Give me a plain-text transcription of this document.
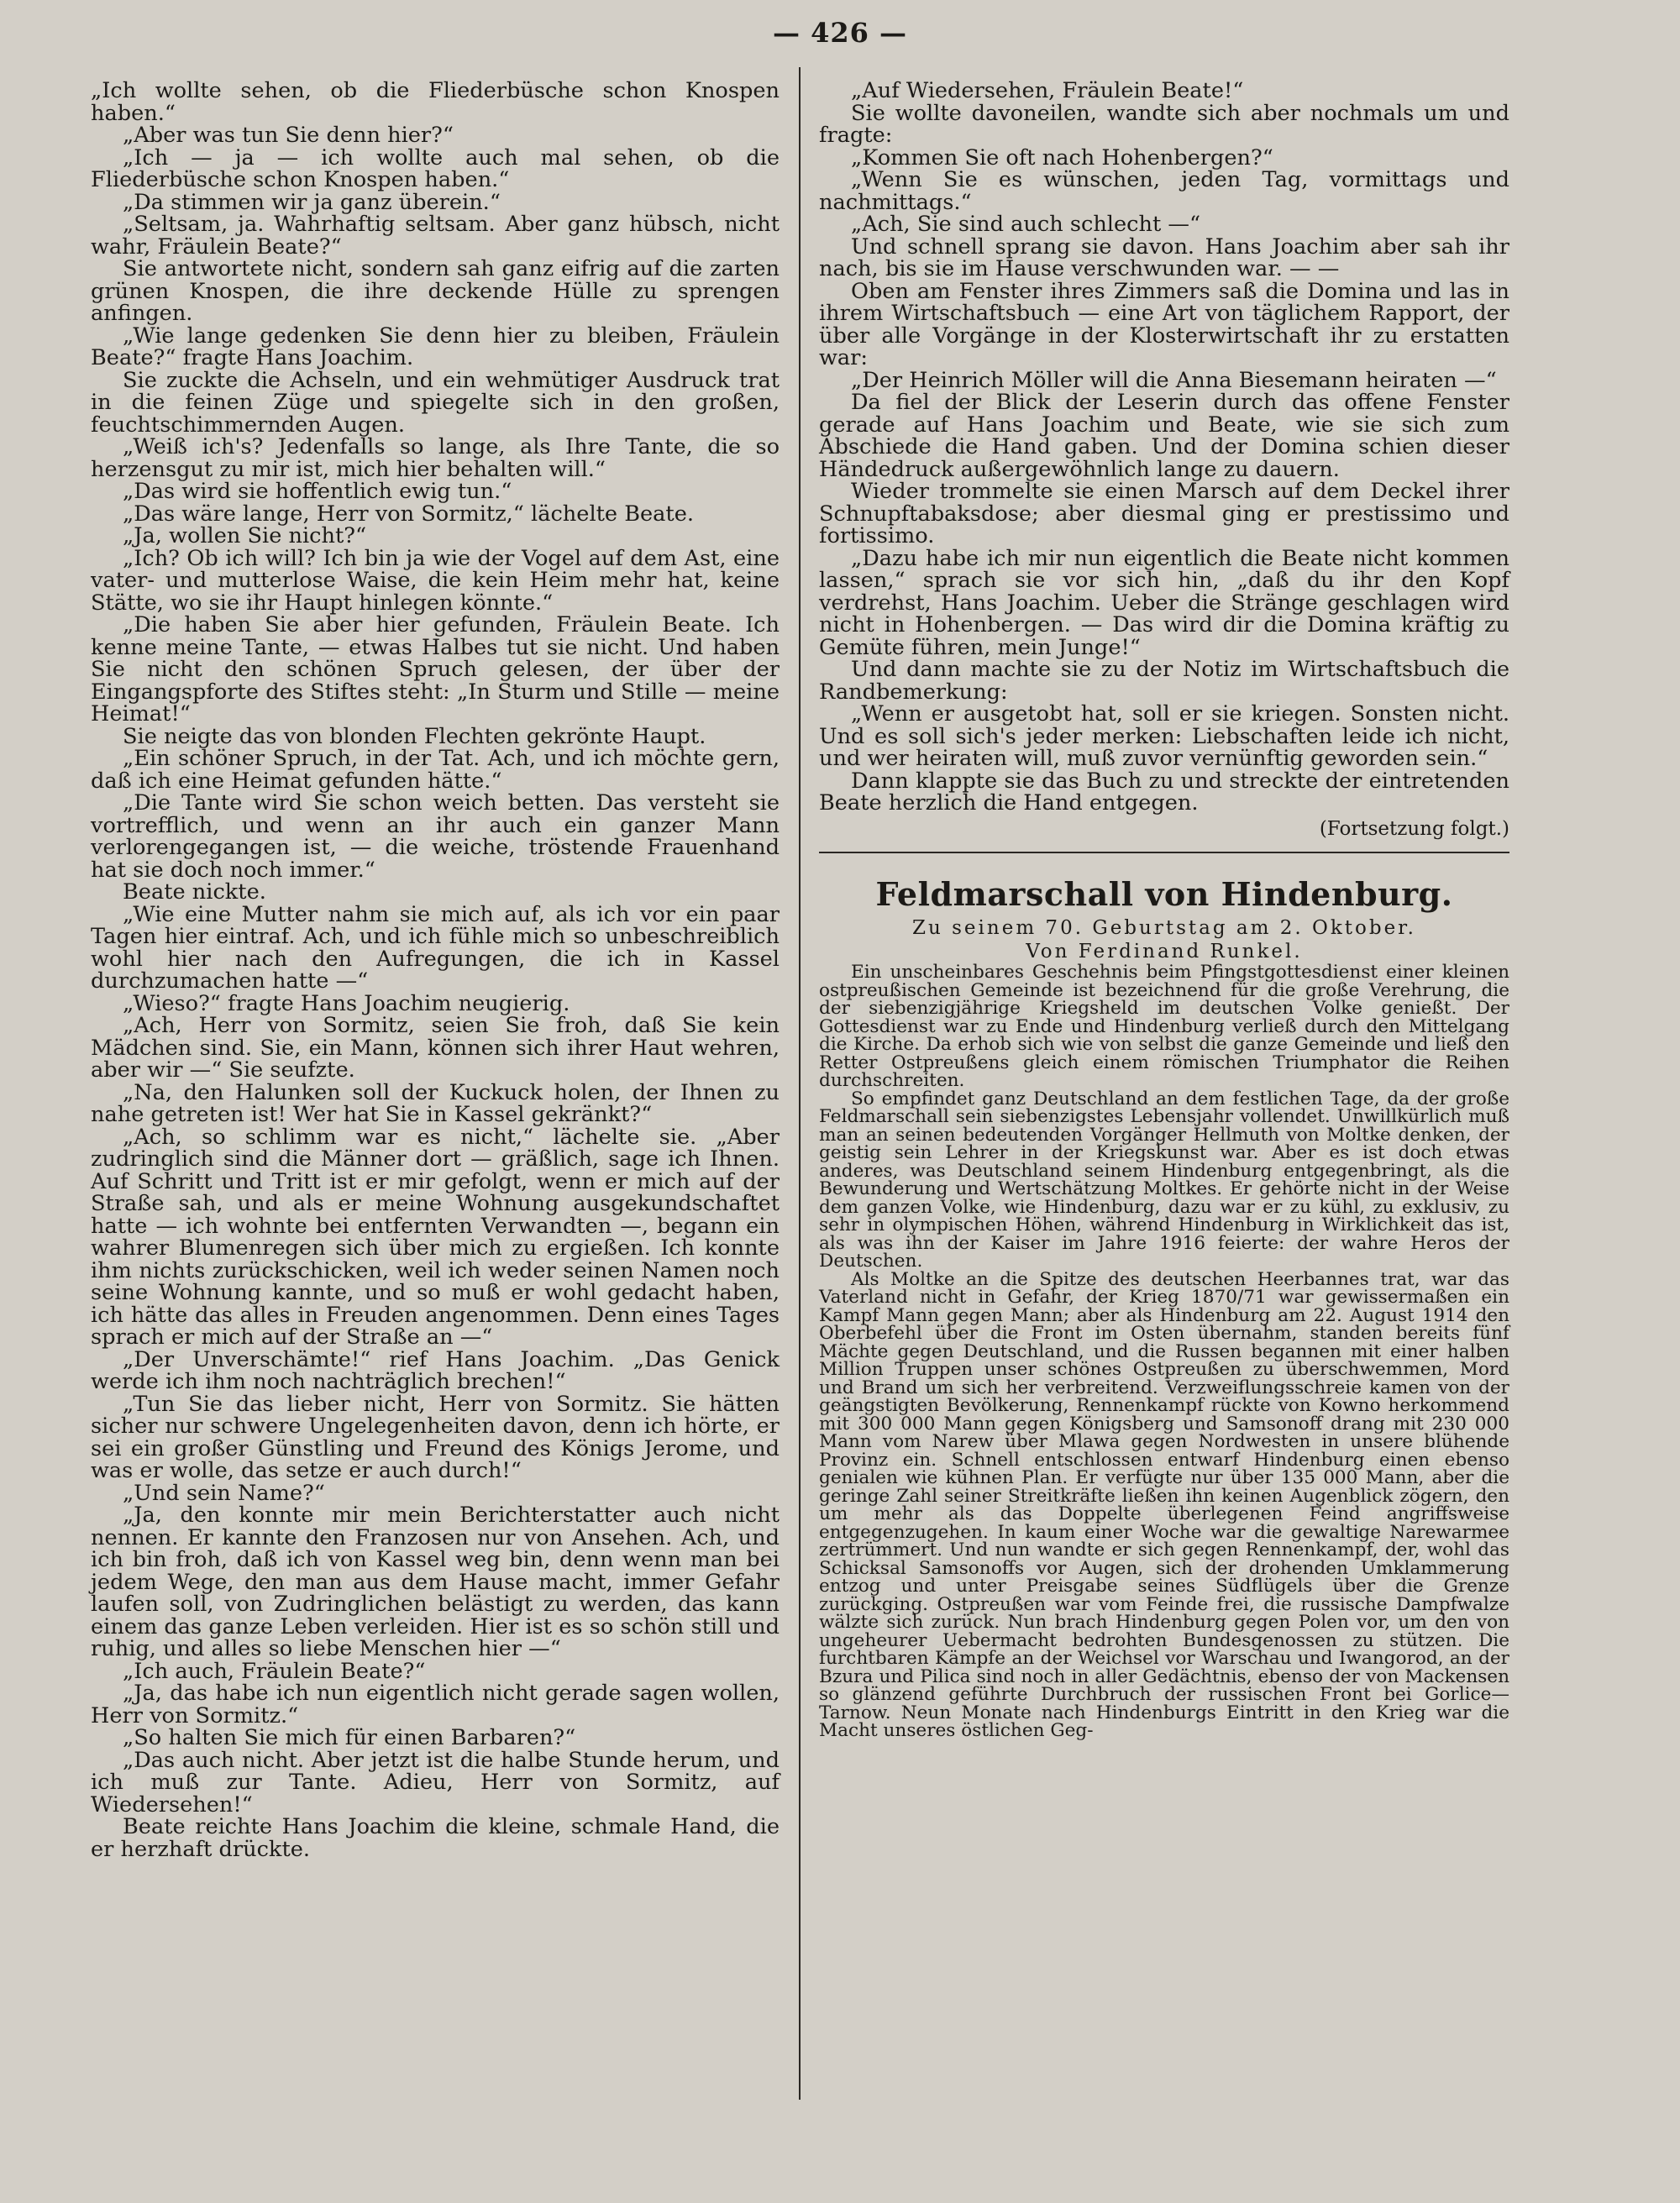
— 426 —

„Ich wollte sehen, ob die Fliederbüsche schon Knospen haben.“

„Aber was tun Sie denn hier?“

„Ich — ja — ich wollte auch mal sehen, ob die Fliederbüsche schon Knospen haben.“

„Da stimmen wir ja ganz überein.“

„Seltsam, ja. Wahrhaftig seltsam. Aber ganz hübsch, nicht wahr, Fräulein Beate?“

Sie antwortete nicht, sondern sah ganz eifrig auf die zarten grünen Knospen, die ihre deckende Hülle zu sprengen anfingen.

„Wie lange gedenken Sie denn hier zu bleiben, Fräulein Beate?“ fragte Hans Joachim.

Sie zuckte die Achseln, und ein wehmütiger Ausdruck trat in die feinen Züge und spiegelte sich in den großen, feuchtschimmernden Augen.

„Weiß ich's? Jedenfalls so lange, als Ihre Tante, die so herzensgut zu mir ist, mich hier behalten will.“

„Das wird sie hoffentlich ewig tun.“

„Das wäre lange, Herr von Sormitz,“ lächelte Beate.

„Ja, wollen Sie nicht?“

„Ich? Ob ich will? Ich bin ja wie der Vogel auf dem Ast, eine vater- und mutterlose Waise, die kein Heim mehr hat, keine Stätte, wo sie ihr Haupt hinlegen könnte.“

„Die haben Sie aber hier gefunden, Fräulein Beate. Ich kenne meine Tante, — etwas Halbes tut sie nicht. Und haben Sie nicht den schönen Spruch gelesen, der über der Eingangspforte des Stiftes steht: „In Sturm und Stille — meine Heimat!“

Sie neigte das von blonden Flechten gekrönte Haupt.

„Ein schöner Spruch, in der Tat. Ach, und ich möchte gern, daß ich eine Heimat gefunden hätte.“

„Die Tante wird Sie schon weich betten. Das versteht sie vortrefflich, und wenn an ihr auch ein ganzer Mann verlorengegangen ist, — die weiche, tröstende Frauenhand hat sie doch noch immer.“

Beate nickte.

„Wie eine Mutter nahm sie mich auf, als ich vor ein paar Tagen hier eintraf. Ach, und ich fühle mich so unbeschreiblich wohl hier nach den Aufregungen, die ich in Kassel durchzumachen hatte —“

„Wieso?“ fragte Hans Joachim neugierig.

„Ach, Herr von Sormitz, seien Sie froh, daß Sie kein Mädchen sind. Sie, ein Mann, können sich ihrer Haut wehren, aber wir —“ Sie seufzte.

„Na, den Halunken soll der Kuckuck holen, der Ihnen zu nahe getreten ist! Wer hat Sie in Kassel gekränkt?“

„Ach, so schlimm war es nicht,“ lächelte sie. „Aber zudringlich sind die Männer dort — gräßlich, sage ich Ihnen. Auf Schritt und Tritt ist er mir gefolgt, wenn er mich auf der Straße sah, und als er meine Wohnung ausgekundschaftet hatte — ich wohnte bei entfernten Verwandten —, begann ein wahrer Blumenregen sich über mich zu ergießen. Ich konnte ihm nichts zurückschicken, weil ich weder seinen Namen noch seine Wohnung kannte, und so muß er wohl gedacht haben, ich hätte das alles in Freuden angenommen. Denn eines Tages sprach er mich auf der Straße an —“

„Der Unverschämte!“ rief Hans Joachim. „Das Genick werde ich ihm noch nachträglich brechen!“

„Tun Sie das lieber nicht, Herr von Sormitz. Sie hätten sicher nur schwere Ungelegenheiten davon, denn ich hörte, er sei ein großer Günstling und Freund des Königs Jerome, und was er wolle, das setze er auch durch!“

„Und sein Name?“

„Ja, den konnte mir mein Berichterstatter auch nicht nennen. Er kannte den Franzosen nur von Ansehen. Ach, und ich bin froh, daß ich von Kassel weg bin, denn wenn man bei jedem Wege, den man aus dem Hause macht, immer Gefahr laufen soll, von Zudringlichen belästigt zu werden, das kann einem das ganze Leben verleiden. Hier ist es so schön still und ruhig, und alles so liebe Menschen hier —“

„Ich auch, Fräulein Beate?“

„Ja, das habe ich nun eigentlich nicht gerade sagen wollen, Herr von Sormitz.“

„So halten Sie mich für einen Barbaren?“

„Das auch nicht. Aber jetzt ist die halbe Stunde herum, und ich muß zur Tante. Adieu, Herr von Sormitz, auf Wiedersehen!“

Beate reichte Hans Joachim die kleine, schmale Hand, die er herzhaft drückte.

„Auf Wiedersehen, Fräulein Beate!“

Sie wollte davoneilen, wandte sich aber nochmals um und fragte:

„Kommen Sie oft nach Hohenbergen?“

„Wenn Sie es wünschen, jeden Tag, vormittags und nachmittags.“

„Ach, Sie sind auch schlecht —“

Und schnell sprang sie davon. Hans Joachim aber sah ihr nach, bis sie im Hause verschwunden war. — —

Oben am Fenster ihres Zimmers saß die Domina und las in ihrem Wirtschaftsbuch — eine Art von täglichem Rapport, der über alle Vorgänge in der Klosterwirtschaft ihr zu erstatten war:

„Der Heinrich Möller will die Anna Biesemann heiraten —“

Da fiel der Blick der Leserin durch das offene Fenster gerade auf Hans Joachim und Beate, wie sie sich zum Abschiede die Hand gaben. Und der Domina schien dieser Händedruck außergewöhnlich lange zu dauern.

Wieder trommelte sie einen Marsch auf dem Deckel ihrer Schnupftabaksdose; aber diesmal ging er prestissimo und fortissimo.

„Dazu habe ich mir nun eigentlich die Beate nicht kommen lassen,“ sprach sie vor sich hin, „daß du ihr den Kopf verdrehst, Hans Joachim. Ueber die Stränge geschlagen wird nicht in Hohenbergen. — Das wird dir die Domina kräftig zu Gemüte führen, mein Junge!“

Und dann machte sie zu der Notiz im Wirtschaftsbuch die Randbemerkung:

„Wenn er ausgetobt hat, soll er sie kriegen. Sonsten nicht. Und es soll sich's jeder merken: Liebschaften leide ich nicht, und wer heiraten will, muß zuvor vernünftig geworden sein.“

Dann klappte sie das Buch zu und streckte der eintretenden Beate herzlich die Hand entgegen.

(Fortsetzung folgt.)

Feldmarschall von Hindenburg.
Zu seinem 70. Geburtstag am 2. Oktober.
Von Ferdinand Runkel.

Ein unscheinbares Geschehnis beim Pfingstgottesdienst einer kleinen ostpreußischen Gemeinde ist bezeichnend für die große Verehrung, die der siebenzigjährige Kriegsheld im deutschen Volke genießt. Der Gottesdienst war zu Ende und Hindenburg verließ durch den Mittelgang die Kirche. Da erhob sich wie von selbst die ganze Gemeinde und ließ den Retter Ostpreußens gleich einem römischen Triumphator die Reihen durchschreiten.

So empfindet ganz Deutschland an dem festlichen Tage, da der große Feldmarschall sein siebenzigstes Lebensjahr vollendet. Unwillkürlich muß man an seinen bedeutenden Vorgänger Hellmuth von Moltke denken, der geistig sein Lehrer in der Kriegskunst war. Aber es ist doch etwas anderes, was Deutschland seinem Hindenburg entgegenbringt, als die Bewunderung und Wertschätzung Moltkes. Er gehörte nicht in der Weise dem ganzen Volke, wie Hindenburg, dazu war er zu kühl, zu exklusiv, zu sehr in olympischen Höhen, während Hindenburg in Wirklichkeit das ist, als was ihn der Kaiser im Jahre 1916 feierte: der wahre Heros der Deutschen.

Als Moltke an die Spitze des deutschen Heerbannes trat, war das Vaterland nicht in Gefahr, der Krieg 1870/71 war gewissermaßen ein Kampf Mann gegen Mann; aber als Hindenburg am 22. August 1914 den Oberbefehl über die Front im Osten übernahm, standen bereits fünf Mächte gegen Deutschland, und die Russen begannen mit einer halben Million Truppen unser schönes Ostpreußen zu überschwemmen, Mord und Brand um sich her verbreitend. Verzweiflungsschreie kamen von der geängstigten Bevölkerung, Rennenkampf rückte von Kowno herkommend mit 300 000 Mann gegen Königsberg und Samsonoff drang mit 230 000 Mann vom Narew über Mlawa gegen Nordwesten in unsere blühende Provinz ein. Schnell entschlossen entwarf Hindenburg einen ebenso genialen wie kühnen Plan. Er verfügte nur über 135 000 Mann, aber die geringe Zahl seiner Streitkräfte ließen ihn keinen Augenblick zögern, den um mehr als das Doppelte überlegenen Feind angriffsweise entgegenzugehen. In kaum einer Woche war die gewaltige Narewarmee zertrümmert. Und nun wandte er sich gegen Rennenkampf, der, wohl das Schicksal Samsonoffs vor Augen, sich der drohenden Umklammerung entzog und unter Preisgabe seines Südflügels über die Grenze zurückging. Ostpreußen war vom Feinde frei, die russische Dampfwalze wälzte sich zurück. Nun brach Hindenburg gegen Polen vor, um den von ungeheurer Uebermacht bedrohten Bundesgenossen zu stützen. Die furchtbaren Kämpfe an der Weichsel vor Warschau und Iwangorod, an der Bzura und Pilica sind noch in aller Gedächtnis, ebenso der von Mackensen so glänzend geführte Durchbruch der russischen Front bei Gorlice—Tarnow. Neun Monate nach Hindenburgs Eintritt in den Krieg war die Macht unseres östlichen Geg-
